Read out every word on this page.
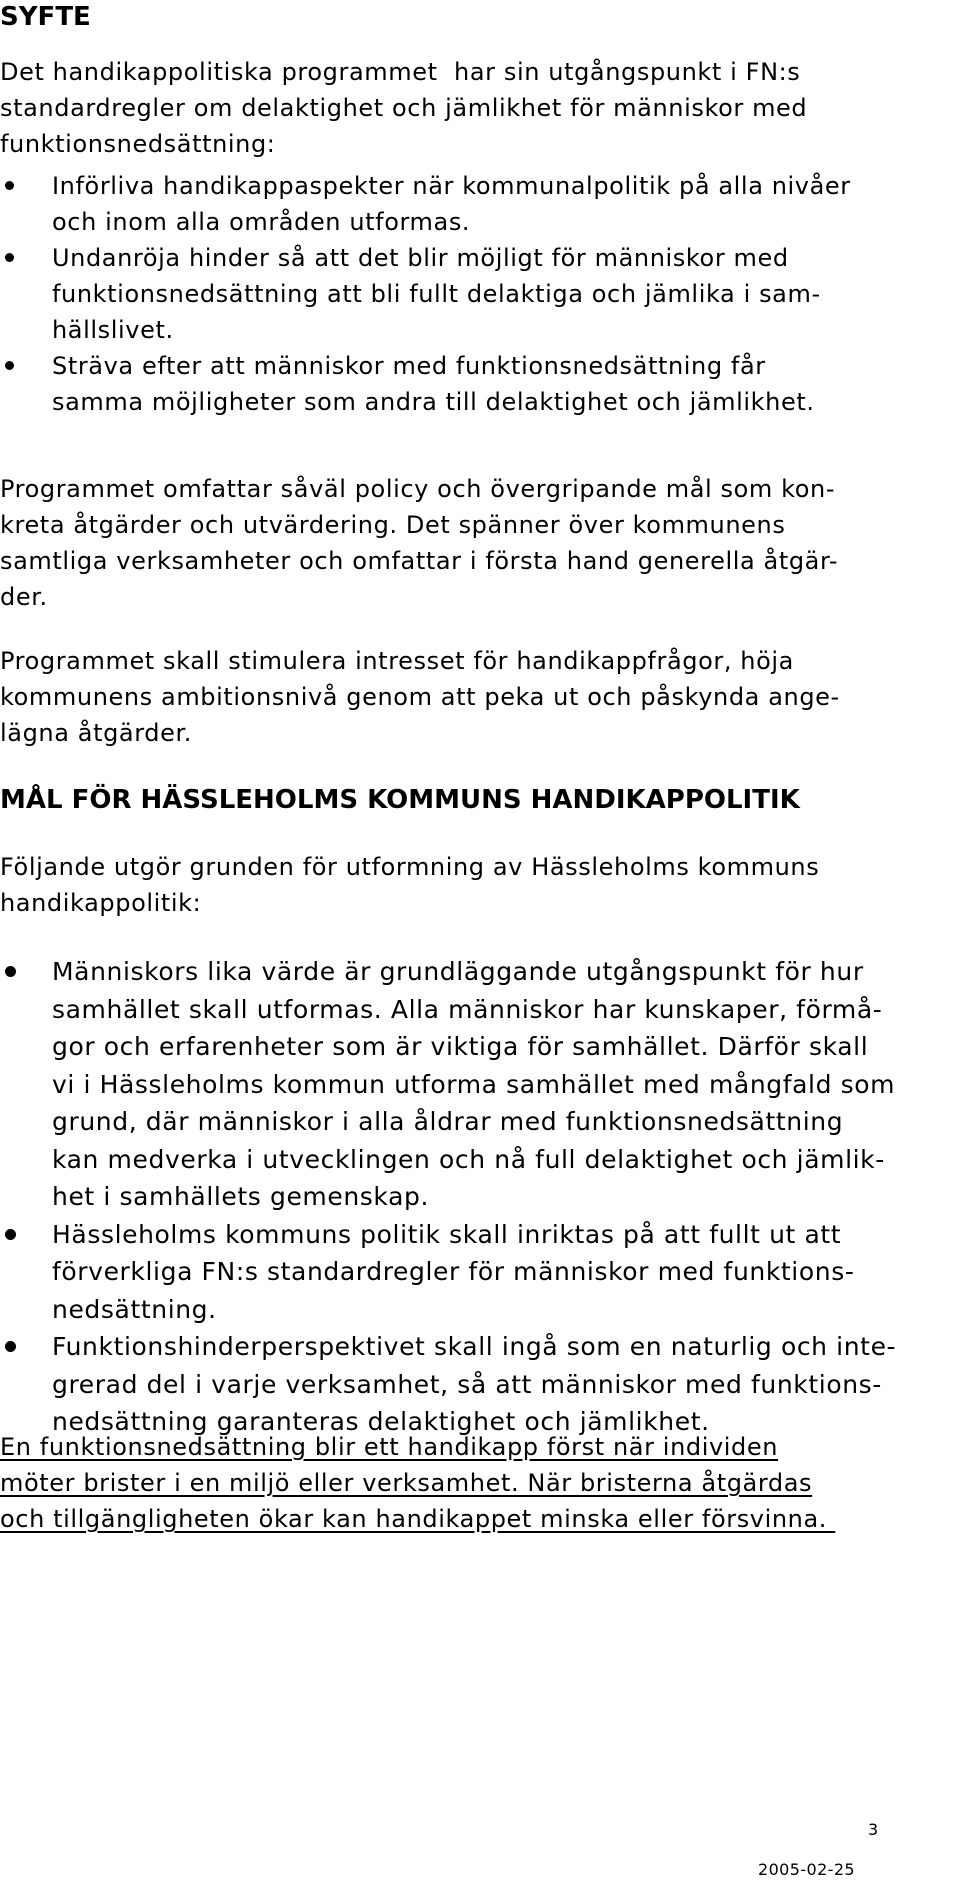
SYFTE

Det handikappolitiska programmet  har sin utgångspunkt i FN:s
standardregler om delaktighet och jämlikhet för människor med
funktionsnedsättning:

Införliva handikappaspekter när kommunalpolitik på alla nivåer
och inom alla områden utformas.
Undanröja hinder så att det blir möjligt för människor med
funktionsnedsättning att bli fullt delaktiga och jämlika i sam-
hällslivet.
Sträva efter att människor med funktionsnedsättning får
samma möjligheter som andra till delaktighet och jämlikhet.

Programmet omfattar såväl policy och övergripande mål som kon-
kreta åtgärder och utvärdering. Det spänner över kommunens
samtliga verksamheter och omfattar i första hand generella åtgär-
der.

Programmet skall stimulera intresset för handikappfrågor, höja
kommunens ambitionsnivå genom att peka ut och påskynda ange-
lägna åtgärder.

MÅL FÖR HÄSSLEHOLMS KOMMUNS HANDIKAPPOLITIK

Följande utgör grunden för utformning av Hässleholms kommuns
handikappolitik:

Människors lika värde är grundläggande utgångspunkt för hur
samhället skall utformas. Alla människor har kunskaper, förmå-
gor och erfarenheter som är viktiga för samhället. Därför skall
vi i Hässleholms kommun utforma samhället med mångfald som
grund, där människor i alla åldrar med funktionsnedsättning
kan medverka i utvecklingen och nå full delaktighet och jämlik-
het i samhällets gemenskap.
Hässleholms kommuns politik skall inriktas på att fullt ut att
förverkliga FN:s standardregler för människor med funktions-
nedsättning.
Funktionshinderperspektivet skall ingå som en naturlig och inte-
grerad del i varje verksamhet, så att människor med funktions-
nedsättning garanteras delaktighet och jämlikhet.

En funktionsnedsättning blir ett handikapp först när individen
möter brister i en miljö eller verksamhet. När bristerna åtgärdas
och tillgängligheten ökar kan handikappet minska eller försvinna.

3
2005-02-25
